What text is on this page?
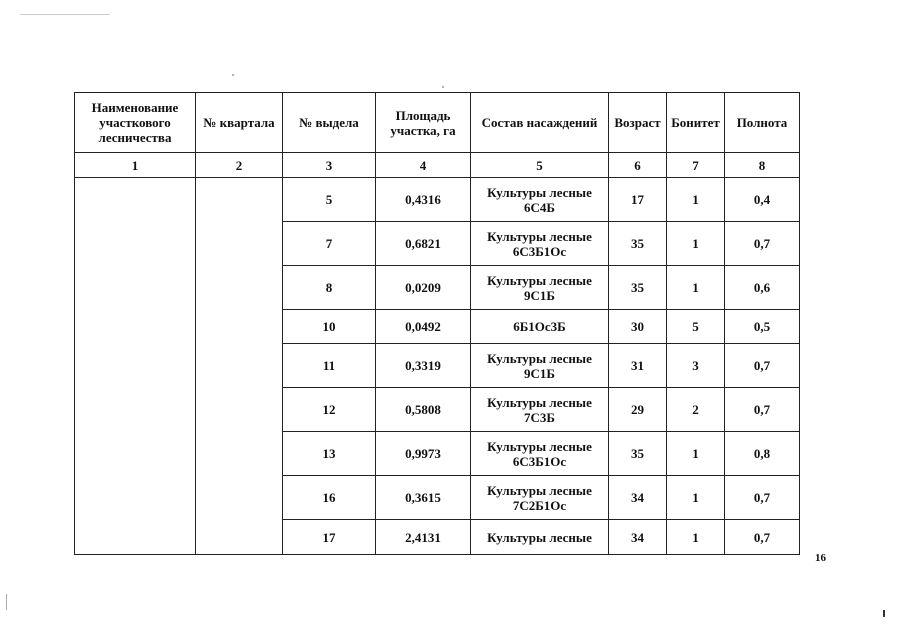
Наименование участкового лесничества	№ квартала	№ выдела	Площадь участка, га	Состав насаждений	Возраст	Бонитет	Полнота
1	2	3	4	5	6	7	8
		5	0,4316	Культуры лесные 6С4Б	17	1	0,4
		7	0,6821	Культуры лесные 6С3Б1Ос	35	1	0,7
		8	0,0209	Культуры лесные 9С1Б	35	1	0,6
		10	0,0492	6Б1Ос3Б	30	5	0,5
		11	0,3319	Культуры лесные 9С1Б	31	3	0,7
		12	0,5808	Культуры лесные 7С3Б	29	2	0,7
		13	0,9973	Культуры лесные 6С3Б1Ос	35	1	0,8
		16	0,3615	Культуры лесные 7С2Б1Ос	34	1	0,7
		17	2,4131	Культуры лесные	34	1	0,7
16
